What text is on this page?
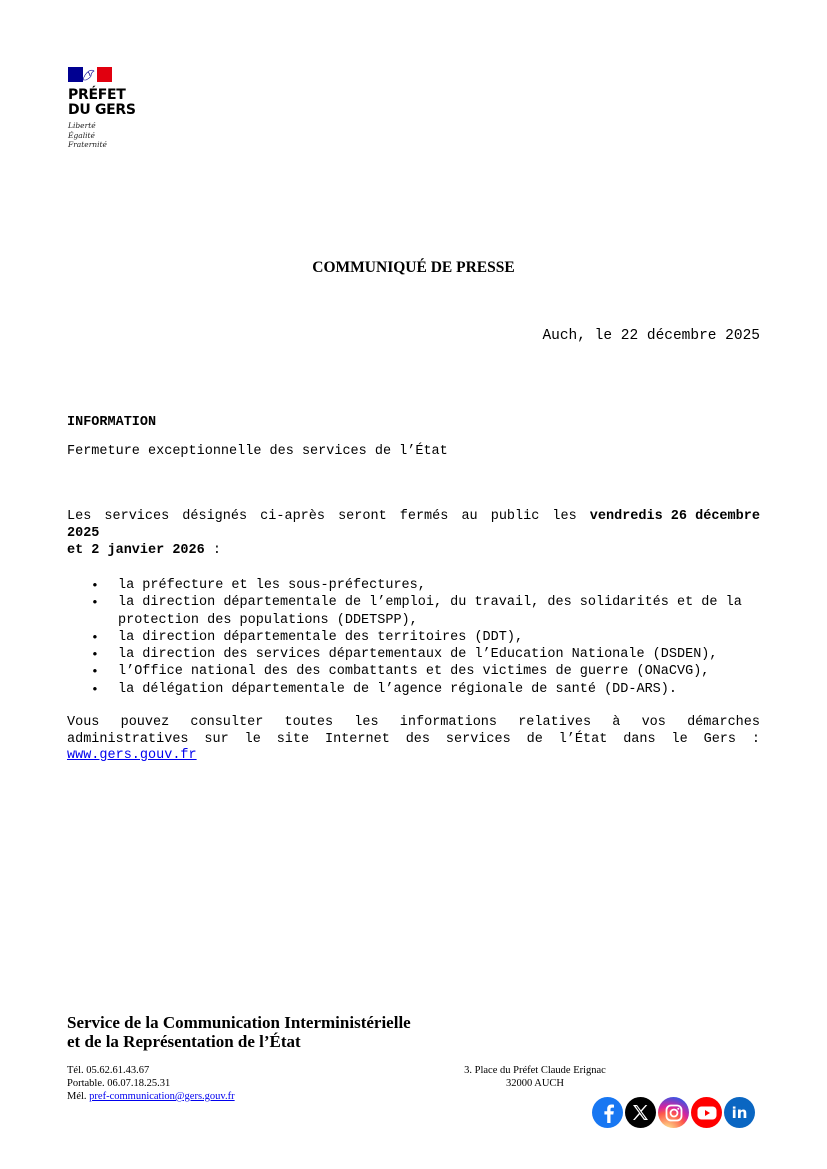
PRÉFET
DU GERS
Liberté
Égalité
Fraternité
COMMUNIQUÉ DE PRESSE
Auch, le 22 décembre 2025
INFORMATION
Fermeture exceptionnelle des services de l’État
Les services désignés ci-après seront fermés au public les vendredis 26 décembre
2025
et 2 janvier 2026 :
• la préfecture et les sous-préfectures,
• la direction départementale de l’emploi, du travail, des solidarités et de la protection des populations (DDETSPP),
• la direction départementale des territoires (DDT),
• la direction des services départementaux de l’Education Nationale (DSDEN),
• l’Office national des des combattants et des victimes de guerre (ONaCVG),
• la délégation départementale de l’agence régionale de santé (DD-ARS).
Vous pouvez consulter toutes les informations relatives à vos démarches
administratives sur le site Internet des services de l’État dans le Gers :
www.gers.gouv.fr
Service de la Communication Interministérielle
et de la Représentation de l’État
Tél. 05.62.61.43.67
Portable. 06.07.18.25.31
Mél. pref-communication@gers.gouv.fr
3. Place du Préfet Claude Erignac
32000 AUCH
in
